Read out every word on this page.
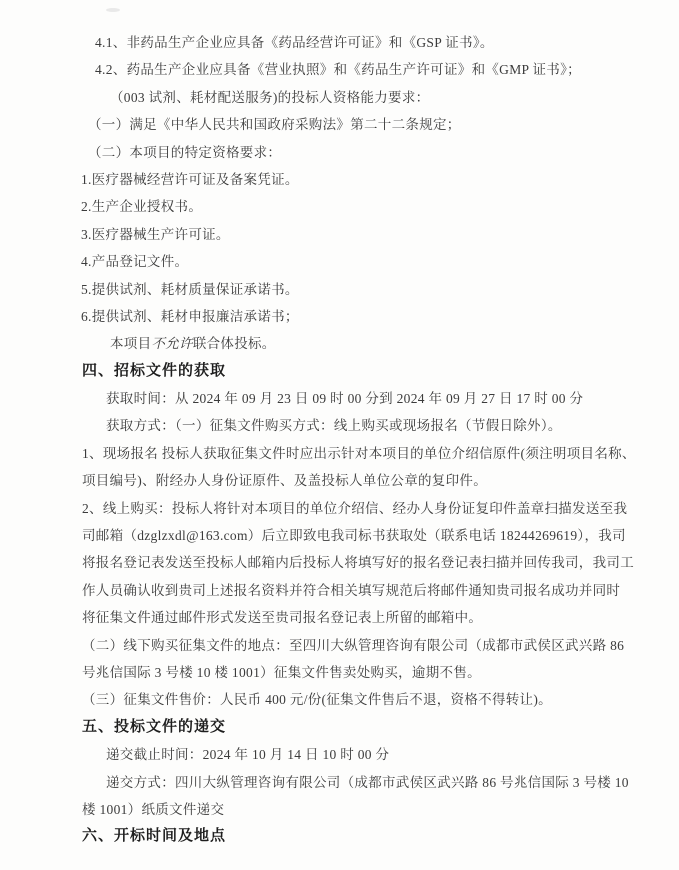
4.1、非药品生产企业应具备《药品经营许可证》和《GSP 证书》。
4.2、药品生产企业应具备《营业执照》和《药品生产许可证》和《GMP 证书》；
（003 试剂、耗材配送服务)的投标人资格能力要求：
（一）满足《中华人民共和国政府采购法》第二十二条规定；
（二）本项目的特定资格要求：
1.医疗器械经营许可证及备案凭证。
2.生产企业授权书。
3.医疗器械生产许可证。
4.产品登记文件。
5.提供试剂、耗材质量保证承诺书。
6.提供试剂、耗材申报廉洁承诺书；
本项目不允许联合体投标。
四、招标文件的获取
获取时间：从 2024 年 09 月 23 日 09 时 00 分到 2024 年 09 月 27 日 17 时 00 分
获取方式：（一）征集文件购买方式：线上购买或现场报名（节假日除外）。
1、现场报名 投标人获取征集文件时应出示针对本项目的单位介绍信原件(须注明项目名称、
项目编号)、附经办人身份证原件、及盖投标人单位公章的复印件。
2、线上购买：投标人将针对本项目的单位介绍信、经办人身份证复印件盖章扫描发送至我
司邮箱（dzglzxdl@163.com）后立即致电我司标书获取处（联系电话 18244269619），我司
将报名登记表发送至投标人邮箱内后投标人将填写好的报名登记表扫描并回传我司，我司工
作人员确认收到贵司上述报名资料并符合相关填写规范后将邮件通知贵司报名成功并同时
将征集文件通过邮件形式发送至贵司报名登记表上所留的邮箱中。
（二）线下购买征集文件的地点：至四川大纵管理咨询有限公司（成都市武侯区武兴路 86
号兆信国际 3 号楼 10 楼 1001）征集文件售卖处购买，逾期不售。
（三）征集文件售价：人民币 400 元/份(征集文件售后不退，资格不得转让)。
五、投标文件的递交
递交截止时间：2024 年 10 月 14 日 10 时 00 分
递交方式：四川大纵管理咨询有限公司（成都市武侯区武兴路 86 号兆信国际 3 号楼 10
楼 1001）纸质文件递交
六、开标时间及地点
